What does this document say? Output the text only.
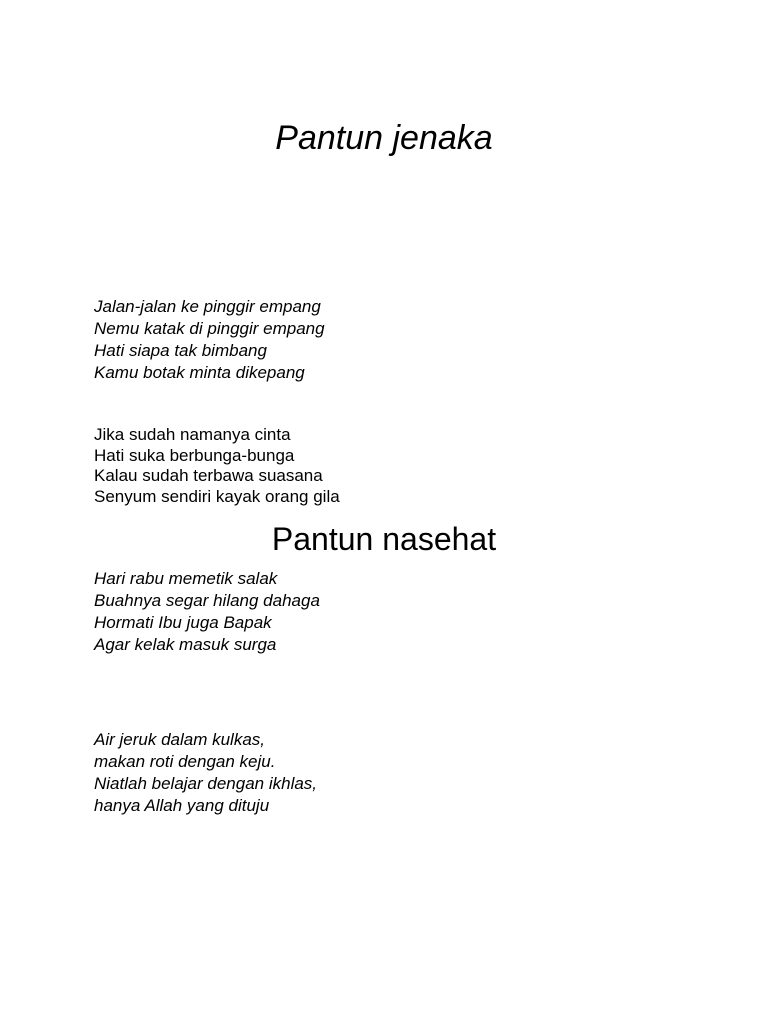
Pantun jenaka
Jalan-jalan ke pinggir empang
Nemu katak di pinggir empang
Hati siapa tak bimbang
Kamu botak minta dikepang
Jika sudah namanya cinta
Hati suka berbunga-bunga
Kalau sudah terbawa suasana
Senyum sendiri kayak orang gila
Pantun nasehat
Hari rabu memetik salak
Buahnya segar hilang dahaga
Hormati Ibu juga Bapak
Agar kelak masuk surga
Air jeruk dalam kulkas,
makan roti dengan keju.
Niatlah belajar dengan ikhlas,
hanya Allah yang dituju
